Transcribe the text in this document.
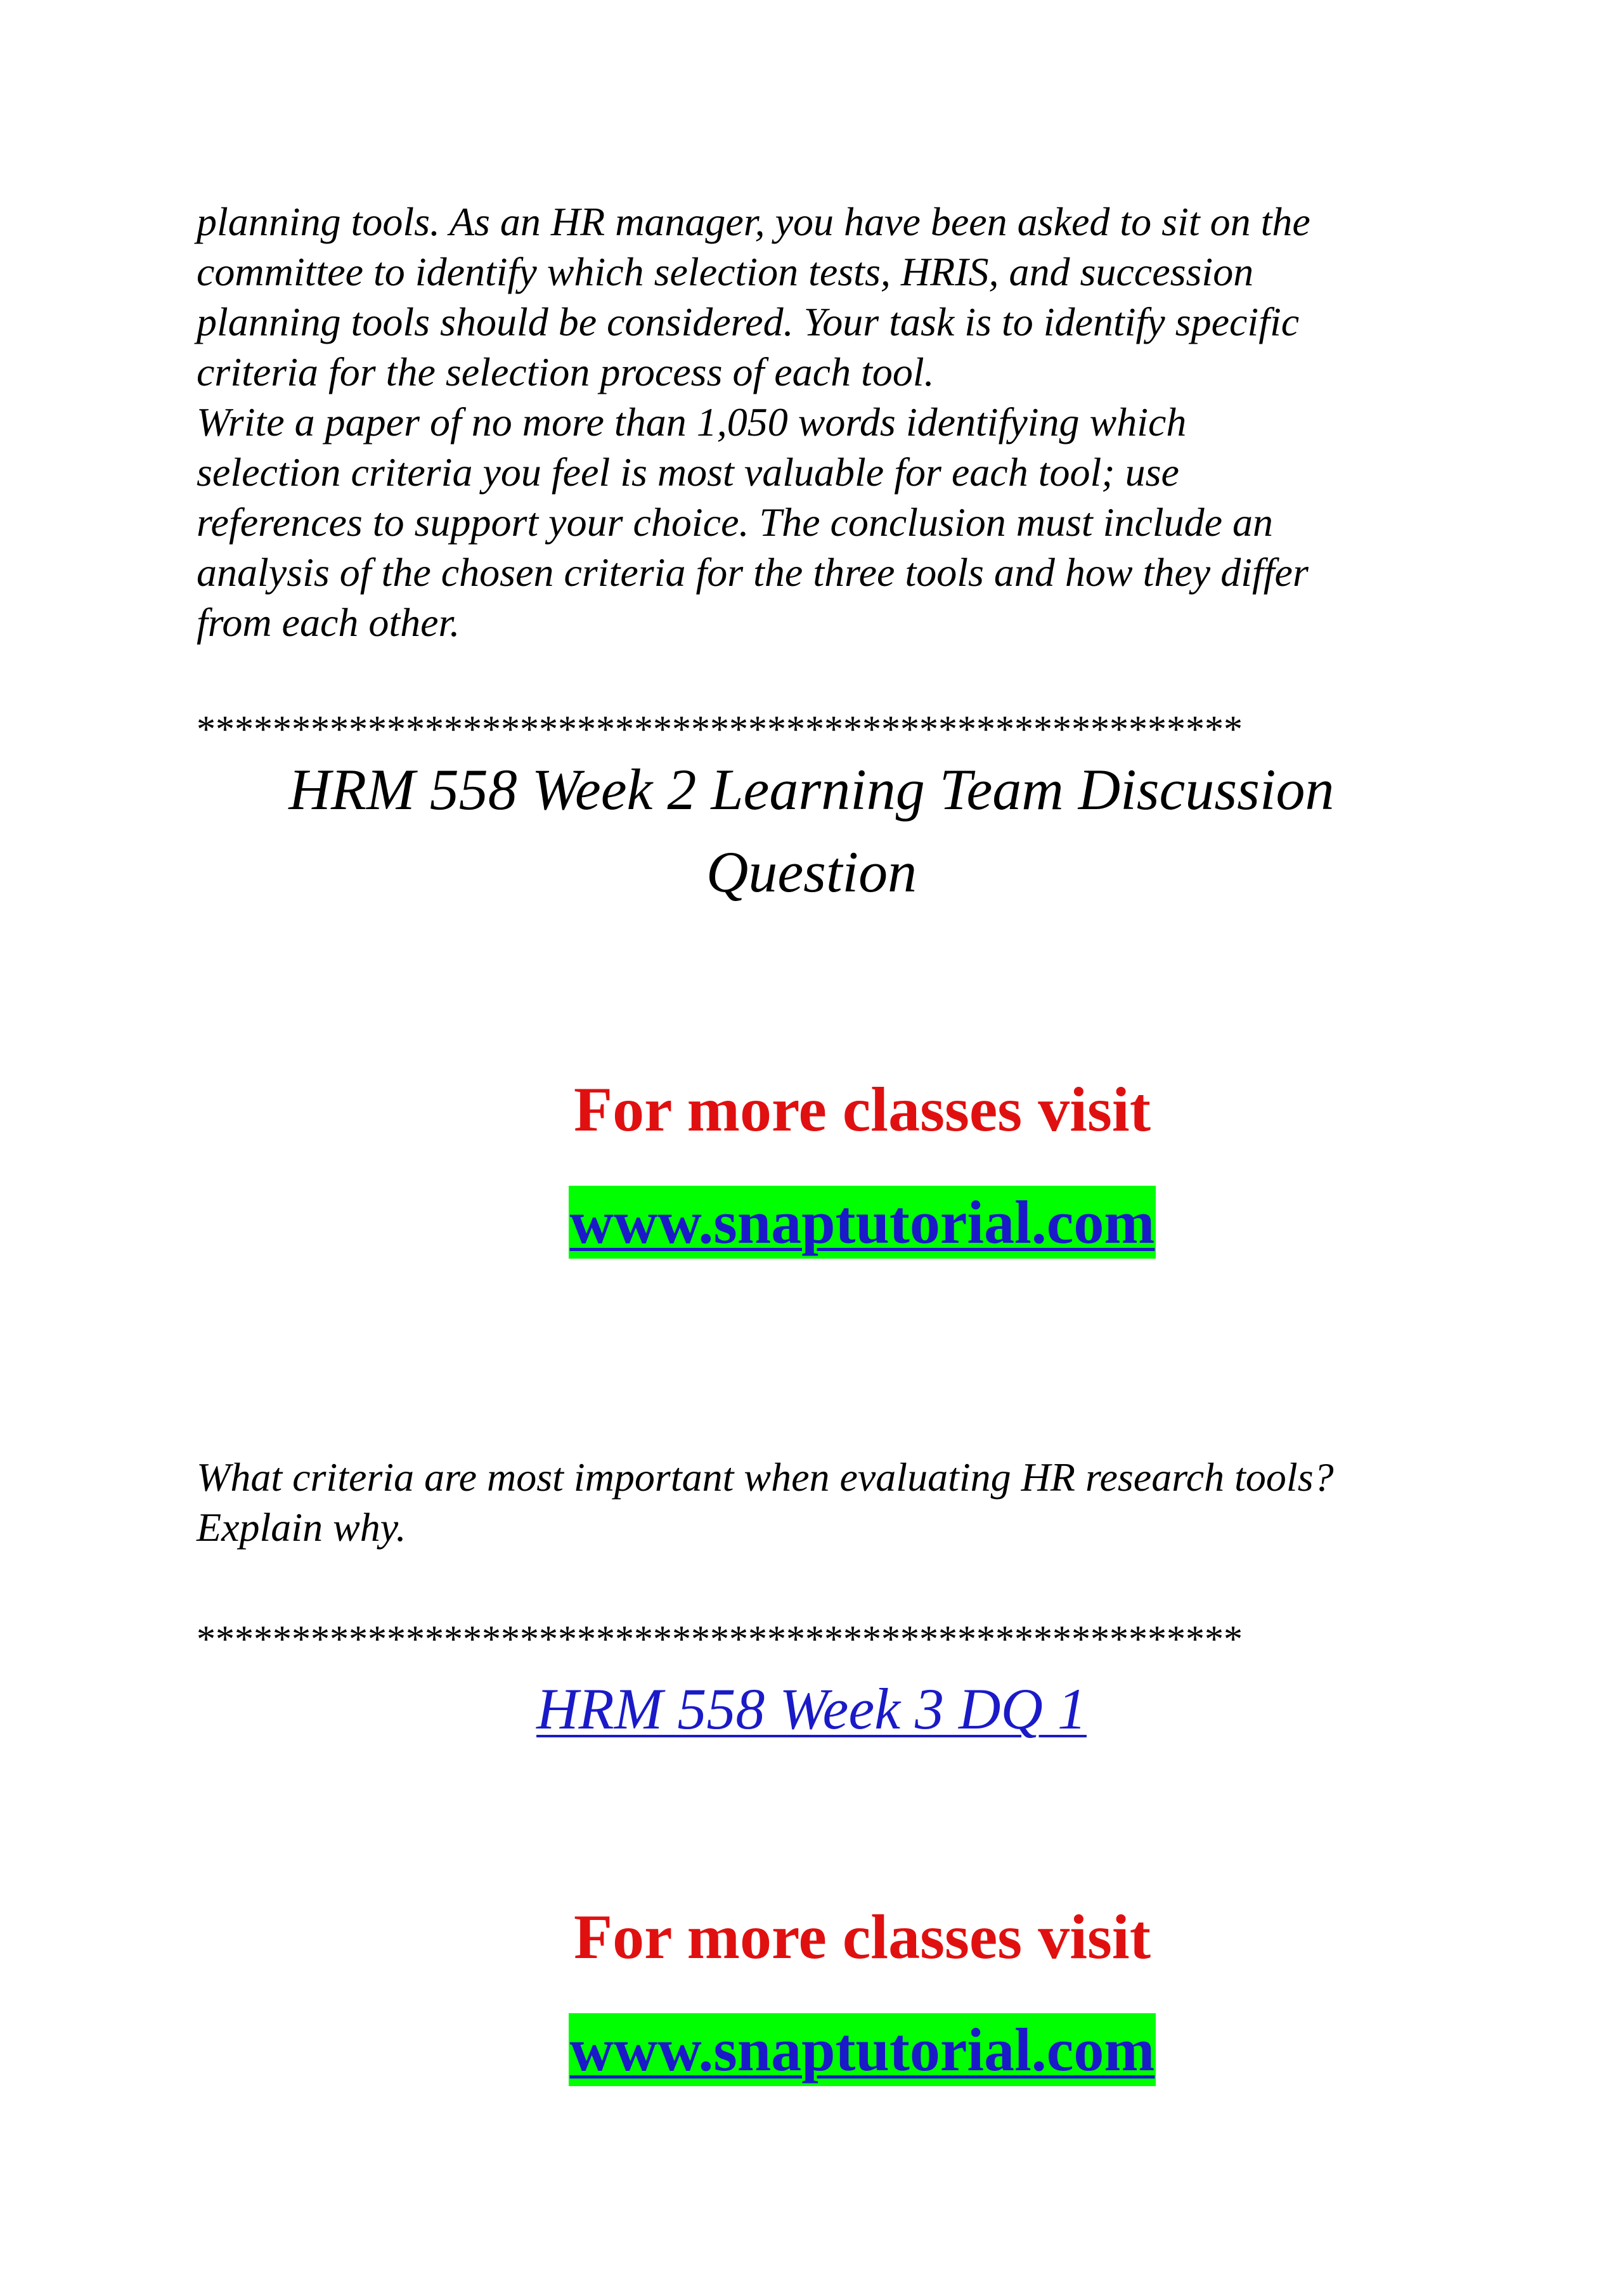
planning tools. As an HR manager, you have been asked to sit on the
committee to identify which selection tests, HRIS, and succession
planning tools should be considered. Your task is to identify specific
criteria for the selection process of each tool.
Write a paper of no more than 1,050 words identifying which
selection criteria you feel is most valuable for each tool; use
references to support your choice. The conclusion must include an
analysis of the chosen criteria for the three tools and how they differ
from each other.
*******************************************************
HRM 558 Week 2 Learning Team Discussion Question
For more classes visit
www.snaptutorial.com
What criteria are most important when evaluating HR research tools?
Explain why.
*******************************************************
HRM 558 Week 3 DQ 1
For more classes visit
www.snaptutorial.com
